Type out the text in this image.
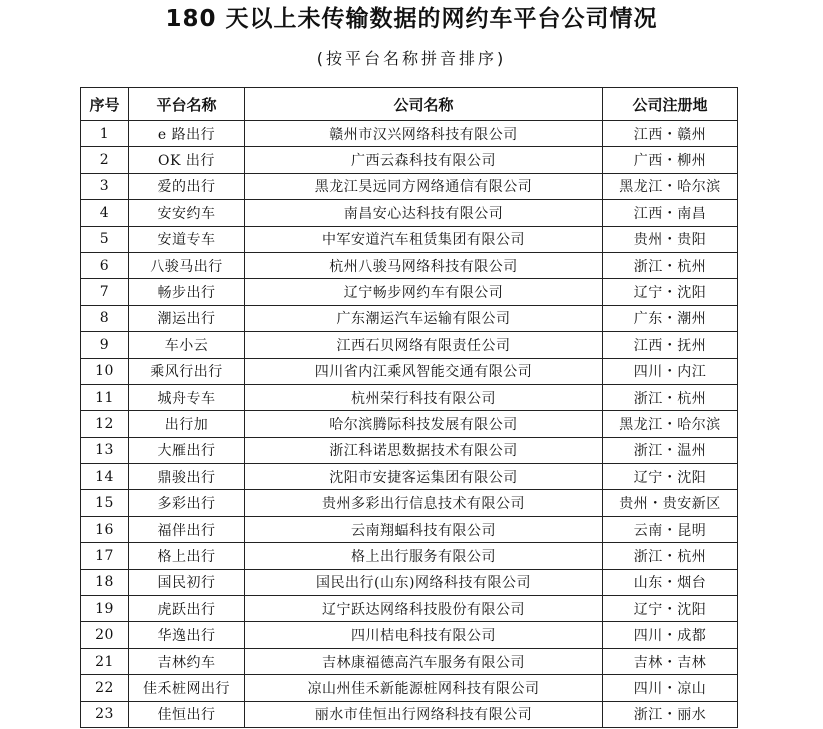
180 天以上未传输数据的网约车平台公司情况
(按平台名称拼音排序)
序号	平台名称	公司名称	公司注册地
1	e 路出行	赣州市汉兴网络科技有限公司	江西・赣州
2	OK 出行	广西云森科技有限公司	广西・柳州
3	爱的出行	黑龙江昊远同方网络通信有限公司	黑龙江・哈尔滨
4	安安约车	南昌安心达科技有限公司	江西・南昌
5	安道专车	中军安道汽车租赁集团有限公司	贵州・贵阳
6	八骏马出行	杭州八骏马网络科技有限公司	浙江・杭州
7	畅步出行	辽宁畅步网约车有限公司	辽宁・沈阳
8	潮运出行	广东潮运汽车运输有限公司	广东・潮州
9	车小云	江西石贝网络有限责任公司	江西・抚州
10	乘风行出行	四川省内江乘风智能交通有限公司	四川・内江
11	城舟专车	杭州荣行科技有限公司	浙江・杭州
12	出行加	哈尔滨腾际科技发展有限公司	黑龙江・哈尔滨
13	大雁出行	浙江科诺思数据技术有限公司	浙江・温州
14	鼎骏出行	沈阳市安捷客运集团有限公司	辽宁・沈阳
15	多彩出行	贵州多彩出行信息技术有限公司	贵州・贵安新区
16	福伴出行	云南翔蝠科技有限公司	云南・昆明
17	格上出行	格上出行服务有限公司	浙江・杭州
18	国民初行	国民出行(山东)网络科技有限公司	山东・烟台
19	虎跃出行	辽宁跃达网络科技股份有限公司	辽宁・沈阳
20	华逸出行	四川桔电科技有限公司	四川・成都
21	吉林约车	吉林康福德高汽车服务有限公司	吉林・吉林
22	佳禾桩网出行	凉山州佳禾新能源桩网科技有限公司	四川・凉山
23	佳恒出行	丽水市佳恒出行网络科技有限公司	浙江・丽水
